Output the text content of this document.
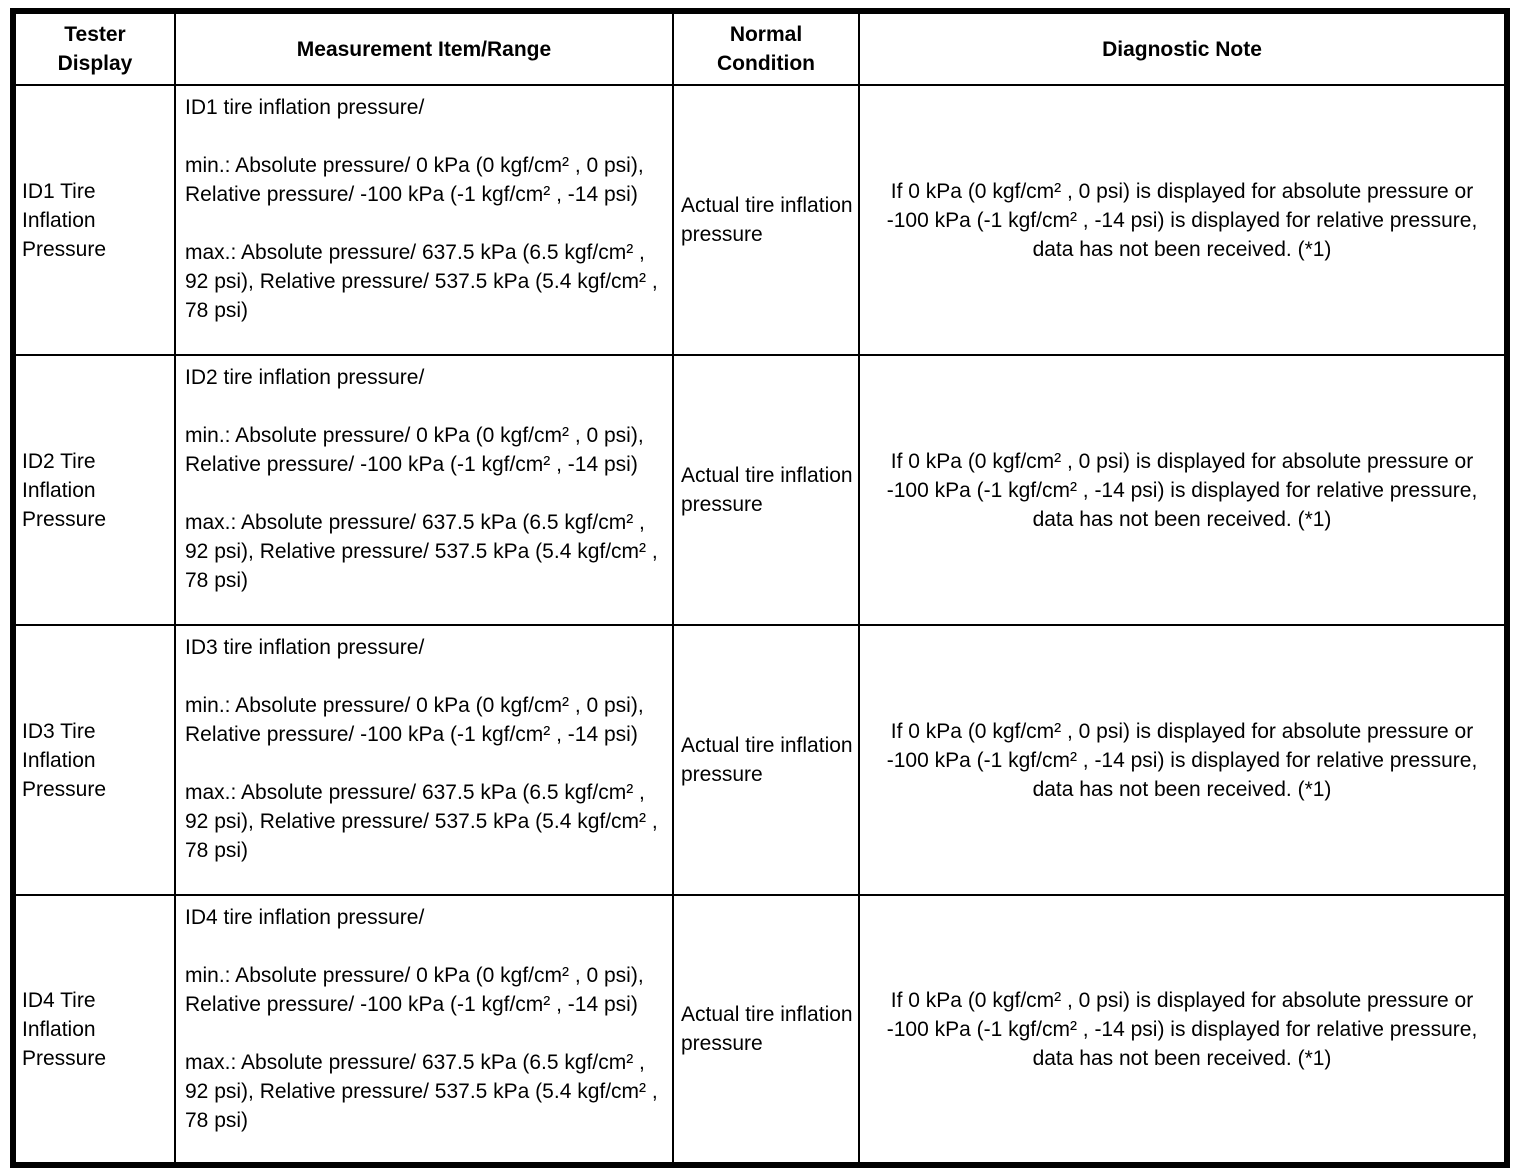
Tester Display	Measurement Item/Range	Normal Condition	Diagnostic Note

ID1 Tire Inflation Pressure	ID1 tire inflation pressure/

min.: Absolute pressure/ 0 kPa (0 kgf/cm² , 0 psi), Relative pressure/ -100 kPa (-1 kgf/cm² , -14 psi)

max.: Absolute pressure/ 637.5 kPa (6.5 kgf/cm² , 92 psi), Relative pressure/ 537.5 kPa (5.4 kgf/cm² , 78 psi)	Actual tire inflation pressure	If 0 kPa (0 kgf/cm² , 0 psi) is displayed for absolute pressure or -100 kPa (-1 kgf/cm² , -14 psi) is displayed for relative pressure, data has not been received. (*1)

ID2 Tire Inflation Pressure	ID2 tire inflation pressure/

min.: Absolute pressure/ 0 kPa (0 kgf/cm² , 0 psi), Relative pressure/ -100 kPa (-1 kgf/cm² , -14 psi)

max.: Absolute pressure/ 637.5 kPa (6.5 kgf/cm² , 92 psi), Relative pressure/ 537.5 kPa (5.4 kgf/cm² , 78 psi)	Actual tire inflation pressure	If 0 kPa (0 kgf/cm² , 0 psi) is displayed for absolute pressure or -100 kPa (-1 kgf/cm² , -14 psi) is displayed for relative pressure, data has not been received. (*1)

ID3 Tire Inflation Pressure	ID3 tire inflation pressure/

min.: Absolute pressure/ 0 kPa (0 kgf/cm² , 0 psi), Relative pressure/ -100 kPa (-1 kgf/cm² , -14 psi)

max.: Absolute pressure/ 637.5 kPa (6.5 kgf/cm² , 92 psi), Relative pressure/ 537.5 kPa (5.4 kgf/cm² , 78 psi)	Actual tire inflation pressure	If 0 kPa (0 kgf/cm² , 0 psi) is displayed for absolute pressure or -100 kPa (-1 kgf/cm² , -14 psi) is displayed for relative pressure, data has not been received. (*1)

ID4 Tire Inflation Pressure	ID4 tire inflation pressure/

min.: Absolute pressure/ 0 kPa (0 kgf/cm² , 0 psi), Relative pressure/ -100 kPa (-1 kgf/cm² , -14 psi)

max.: Absolute pressure/ 637.5 kPa (6.5 kgf/cm² , 92 psi), Relative pressure/ 537.5 kPa (5.4 kgf/cm² , 78 psi)	Actual tire inflation pressure	If 0 kPa (0 kgf/cm² , 0 psi) is displayed for absolute pressure or -100 kPa (-1 kgf/cm² , -14 psi) is displayed for relative pressure, data has not been received. (*1)
